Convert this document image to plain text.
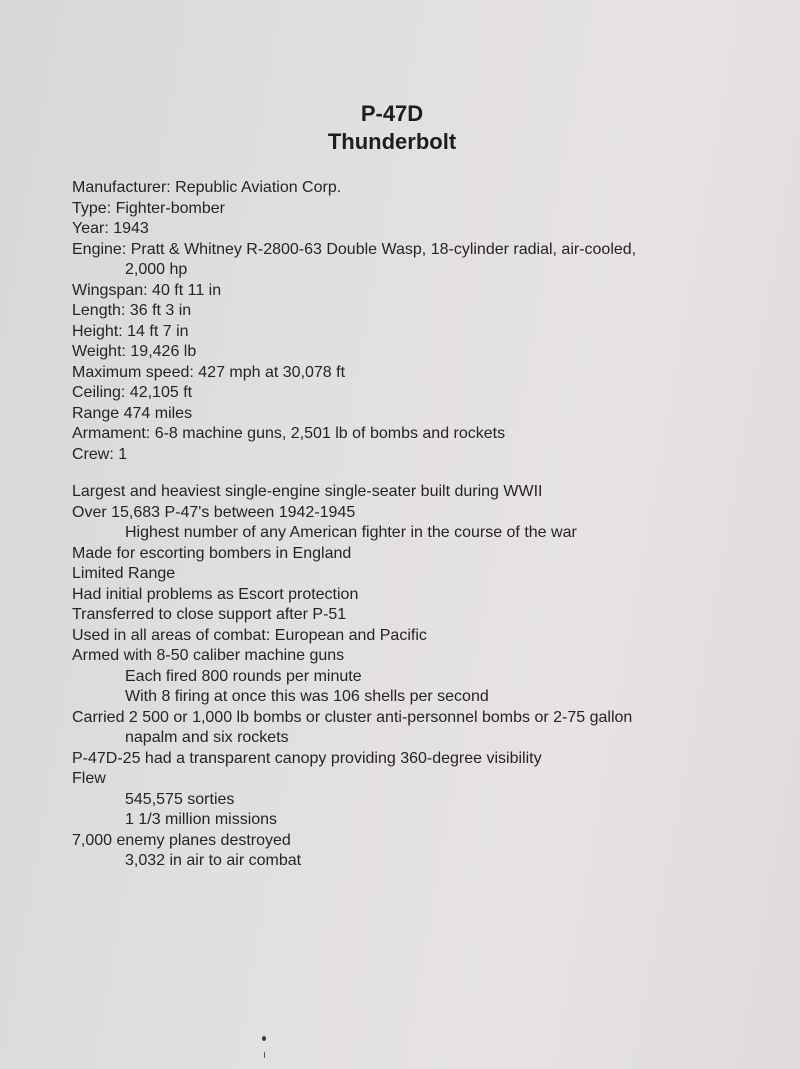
P-47D
Thunderbolt
Manufacturer: Republic Aviation Corp.
Type: Fighter-bomber
Year: 1943
Engine: Pratt & Whitney R-2800-63 Double Wasp, 18-cylinder radial, air-cooled,
2,000 hp
Wingspan: 40 ft 11 in
Length: 36 ft 3 in
Height: 14 ft 7 in
Weight: 19,426 lb
Maximum speed: 427 mph at 30,078 ft
Ceiling: 42,105 ft
Range 474 miles
Armament: 6-8 machine guns, 2,501 lb of bombs and rockets
Crew: 1
Largest and heaviest single-engine single-seater built during WWII
Over 15,683 P-47's between 1942-1945
Highest number of any American fighter in the course of the war
Made for escorting bombers in England
Limited Range
Had initial problems as Escort protection
Transferred to close support after P-51
Used in all areas of combat: European and Pacific
Armed with 8-50 caliber machine guns
Each fired 800 rounds per minute
With 8 firing at once this was 106 shells per second
Carried 2 500 or 1,000 lb bombs or cluster anti-personnel bombs or 2-75 gallon
napalm and six rockets
P-47D-25 had a transparent canopy providing 360-degree visibility
Flew
545,575 sorties
1 1/3 million missions
7,000 enemy planes destroyed
3,032 in air to air combat
